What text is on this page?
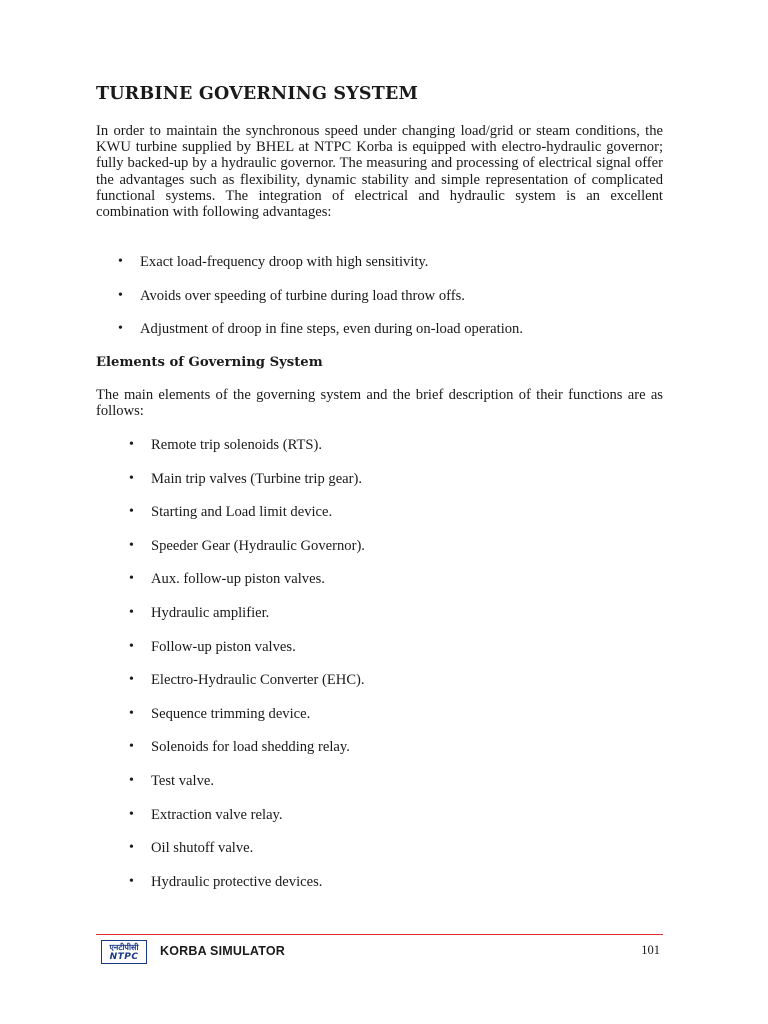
TURBINE GOVERNING SYSTEM

In order to maintain the synchronous speed under changing load/grid or steam conditions, the KWU turbine supplied by BHEL at NTPC Korba is equipped with electro-hydraulic governor; fully backed-up by a hydraulic governor. The measuring and processing of electrical signal offer the advantages such as flexibility, dynamic stability and simple representation of complicated functional systems. The integration of electrical and hydraulic system is an excellent combination with following advantages:

• Exact load-frequency droop with high sensitivity.
• Avoids over speeding of turbine during load throw offs.
• Adjustment of droop in fine steps, even during on-load operation.
Elements of Governing System

The main elements of the governing system and the brief description of their functions are as follows:

• Remote trip solenoids (RTS).
• Main trip valves (Turbine trip gear).
• Starting and Load limit device.
• Speeder Gear (Hydraulic Governor).
• Aux. follow-up piston valves.
• Hydraulic amplifier.
• Follow-up piston valves.
• Electro-Hydraulic Converter (EHC).
• Sequence trimming device.
• Solenoids for load shedding relay.
• Test valve.
• Extraction valve relay.
• Oil shutoff valve.
• Hydraulic protective devices.
एनटीपीसी
NTPC KORBA SIMULATOR	101
